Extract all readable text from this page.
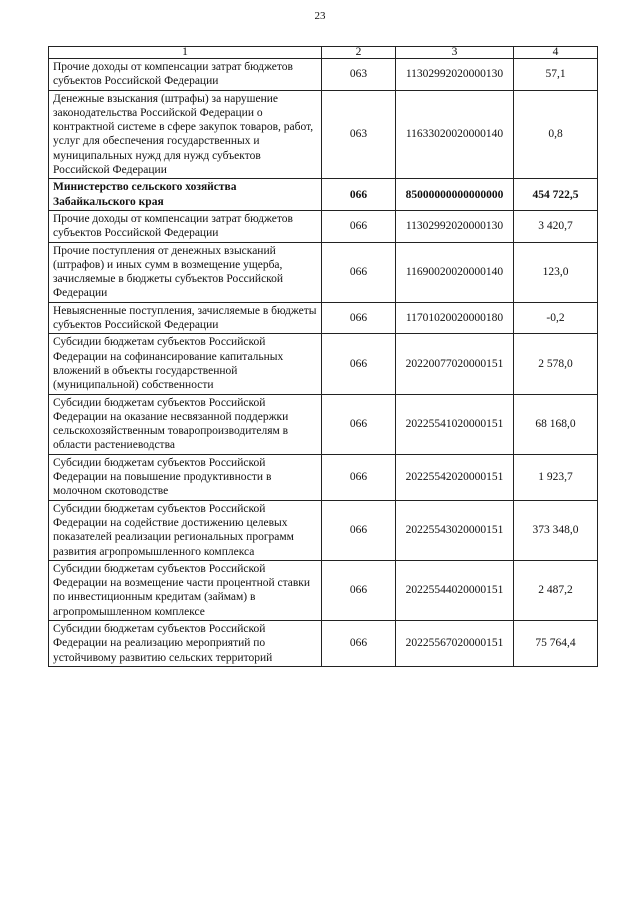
23
1	2	3	4
Прочие доходы от компенсации затрат бюджетов субъектов Российской Федерации	063	11302992020000130	57,1
Денежные взыскания (штрафы) за нарушение законодательства Российской Федерации о контрактной системе в сфере закупок товаров, работ, услуг для обеспечения государственных и муниципальных нужд для нужд субъектов Российской Федерации	063	11633020020000140	0,8
Министерство сельского хозяйства Забайкальского края	066	85000000000000000	454 722,5
Прочие доходы от компенсации затрат бюджетов субъектов Российской Федерации	066	11302992020000130	3 420,7
Прочие поступления от денежных взысканий (штрафов) и иных сумм в возмещение ущерба, зачисляемые в бюджеты субъектов Российской Федерации	066	11690020020000140	123,0
Невыясненные поступления, зачисляемые в бюджеты субъектов Российской Федерации	066	11701020020000180	-0,2
Субсидии бюджетам субъектов Российской Федерации на софинансирование капитальных вложений в объекты государственной (муниципальной) собственности	066	20220077020000151	2 578,0
Субсидии бюджетам субъектов Российской Федерации на оказание несвязанной поддержки сельскохозяйственным товаропроизводителям в области растениеводства	066	20225541020000151	68 168,0
Субсидии бюджетам субъектов Российской Федерации на повышение продуктивности в молочном скотоводстве	066	20225542020000151	1 923,7
Субсидии бюджетам субъектов Российской Федерации на содействие достижению целевых показателей реализации региональных программ развития агропромышленного комплекса	066	20225543020000151	373 348,0
Субсидии бюджетам субъектов Российской Федерации на возмещение части процентной ставки по инвестиционным кредитам (займам) в агропромышленном комплексе	066	20225544020000151	2 487,2
Субсидии бюджетам субъектов Российской Федерации на реализацию мероприятий по устойчивому развитию сельских территорий	066	20225567020000151	75 764,4
